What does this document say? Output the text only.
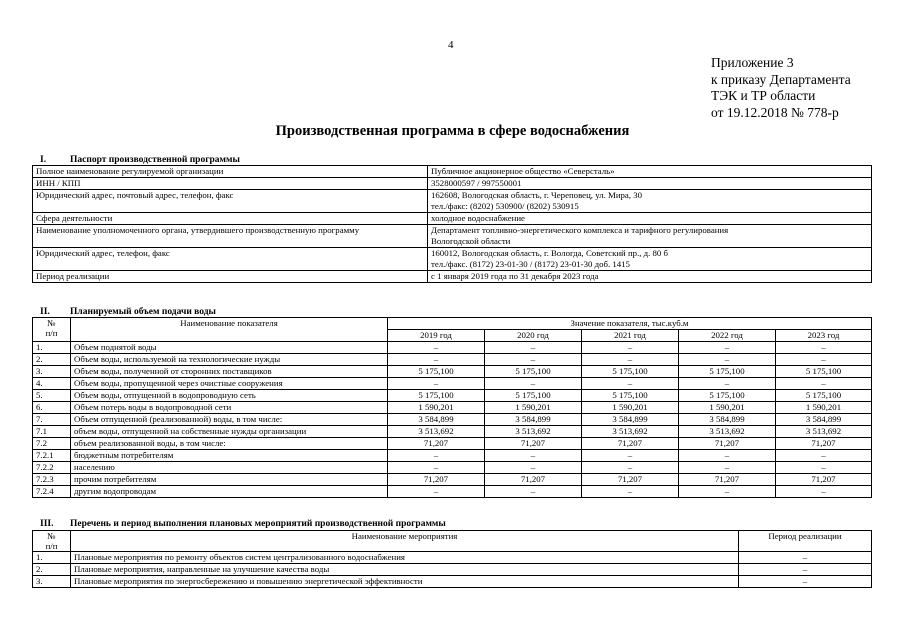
4
Приложение 3
к приказу Департамента
ТЭК и ТР области
от 19.12.2018 № 778-р
Производственная программа в сфере водоснабжения
I.	Паспорт производственной программы
Полное наименование регулируемой организации	Публичное акционерное общество «Северсталь»

ИНН / КПП	3528000597 / 997550001

Юридический адрес, почтовый адрес, телефон, факс	162608, Вологодская область, г. Череповец, ул. Мира, 30
тел./факс: (8202) 530900/ (8202) 530915

Сфера деятельности	холодное водоснабжение

Наименование уполномоченного органа, утвердившего производственную программу	Департамент топливно-энергетического комплекса и тарифного регулирования
Вологодской области

Юридический адрес, телефон, факс	160012, Вологодская область, г. Вологда, Советский пр., д. 80 б
тел./факс. (8172) 23-01-30 / (8172) 23-01-30 доб. 1415

Период реализации	с 1 января 2019 года по 31 декабря 2023 года
II. Планируемый объем подачи воды
№
п/п	Наименование показателя	Значение показателя, тыс.куб.м				
		2019 год	2020 год	2021 год	2022 год	2023 год
1.	Объем поднятой воды	–	–	–	–	–
2.	Объем воды, используемой на технологические нужды	–	–	–	–	–
3.	Объем воды, полученной от сторонних поставщиков	5 175,100	5 175,100	5 175,100	5 175,100	5 175,100
4.	Объем воды, пропущенной через очистные сооружения	–	–	–	–	–
5.	Объем воды, отпущенной в водопроводную сеть	5 175,100	5 175,100	5 175,100	5 175,100	5 175,100
6.	Объем потерь воды в водопроводной сети	1 590,201	1 590,201	1 590,201	1 590,201	1 590,201
7.	Объем отпущенной (реализованной) воды, в том числе:	3 584,899	3 584,899	3 584,899	3 584,899	3 584,899
7.1	объем воды, отпущенной на собственные нужды организации	3 513,692	3 513,692	3 513,692	3 513,692	3 513,692
7.2	объем реализованной воды, в том числе:	71,207	71,207	71,207	71,207	71,207
7.2.1	бюджетным потребителям	–	–	–	–	–
7.2.2	населению	–	–	–	–	–
7.2.3	прочим потребителям	71,207	71,207	71,207	71,207	71,207
7.2.4	другим водопроводам	–	–	–	–	–
III. Перечень и период выполнения плановых мероприятий производственной программы
№
п/п	Наименование мероприятия	Период реализации
1.	Плановые мероприятия по ремонту объектов систем централизованного водоснабжения	–
2.	Плановые мероприятия, направленные на улучшение качества воды	–
3.	Плановые мероприятия по энергосбережению и повышению энергетической эффективности	–
